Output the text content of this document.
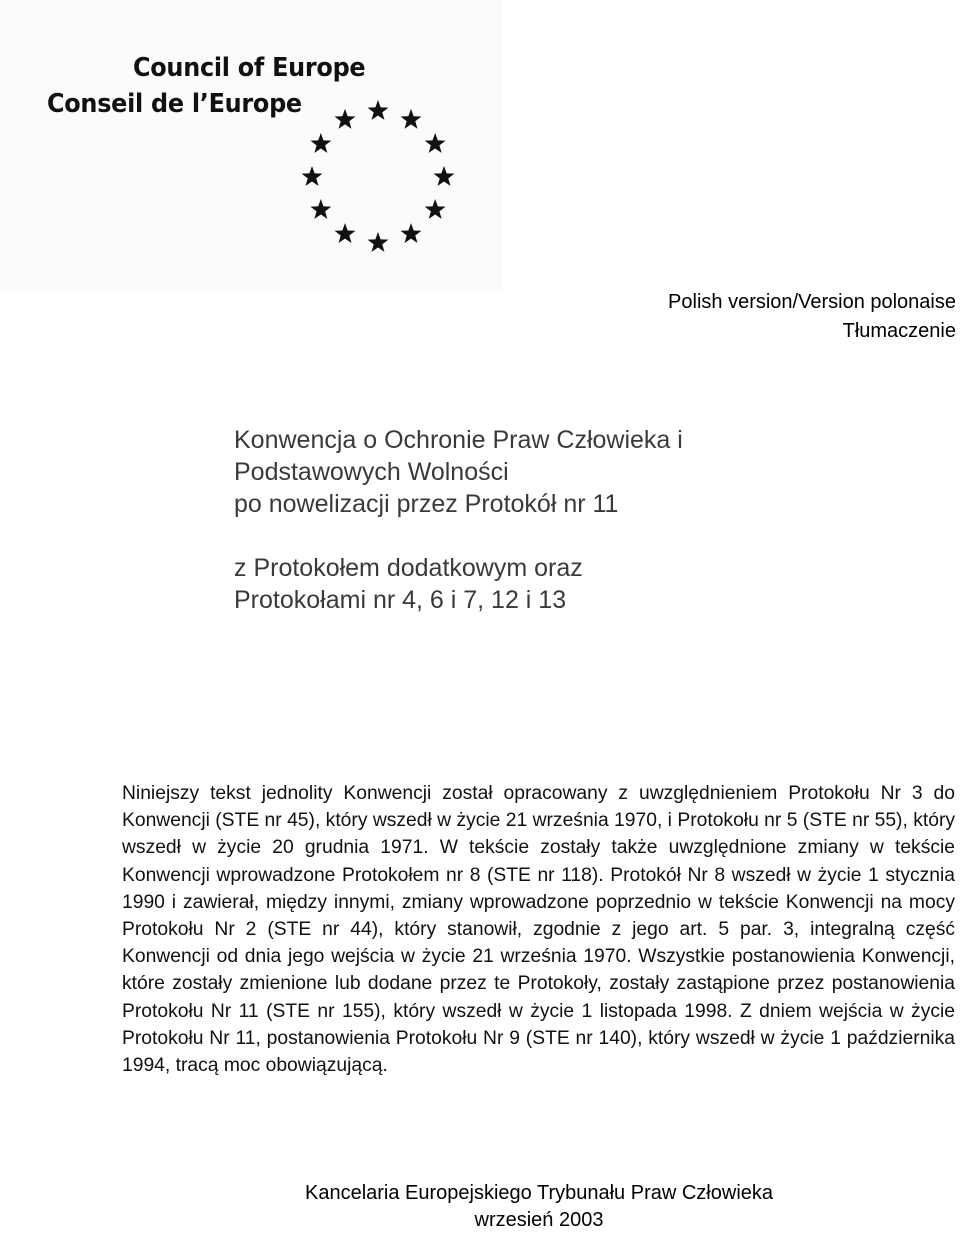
Council of Europe
Conseil de l’Europe
Polish version/Version polonaise
Tłumaczenie
Konwencja o Ochronie Praw Człowieka i
Podstawowych Wolności
po nowelizacji przez Protokół nr 11
z Protokołem dodatkowym oraz
Protokołami nr 4, 6 i 7, 12 i 13
Niniejszy tekst jednolity Konwencji został opracowany z uwzględnieniem Protokołu Nr 3 do Konwencji (STE nr 45), który wszedł w życie 21 września 1970, i Protokołu nr 5 (STE nr 55), który wszedł w życie 20 grudnia 1971. W tekście zostały także uwzględnione zmiany w tekście Konwencji wprowadzone Protokołem nr 8 (STE nr 118). Protokół Nr 8 wszedł w życie 1 stycznia 1990 i zawierał, między innymi, zmiany wprowadzone poprzednio w tekście Konwencji na mocy Protokołu Nr 2 (STE nr 44), który stanowił, zgodnie z jego art. 5 par. 3, integralną część Konwencji od dnia jego wejścia w życie 21 września 1970. Wszystkie postanowienia Konwencji, które zostały zmienione lub dodane przez te Protokoły, zostały zastąpione przez postanowienia Protokołu Nr 11 (STE nr 155), który wszedł w życie 1 listopada 1998. Z dniem wejścia w życie Protokołu Nr 11, postanowienia Protokołu Nr 9 (STE nr 140), który wszedł w życie 1 października 1994, tracą moc obowiązującą.
Kancelaria Europejskiego Trybunału Praw Człowieka
wrzesień 2003
